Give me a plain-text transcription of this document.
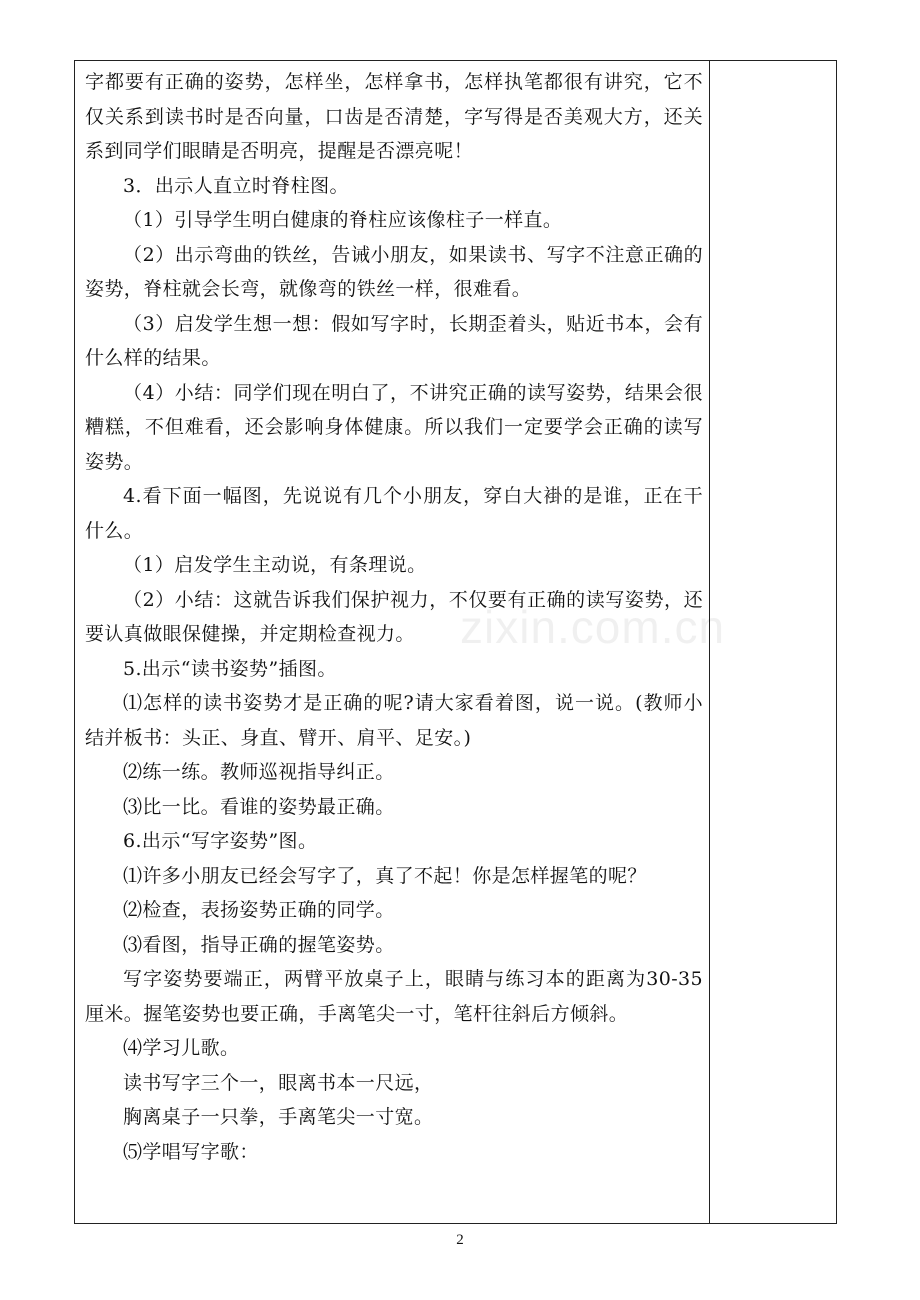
字都要有正确的姿势，怎样坐，怎样拿书，怎样执笔都很有讲究，它不仅关系到读书时是否向量，口齿是否清楚，字写得是否美观大方，还关系到同学们眼睛是否明亮，提醒是否漂亮呢！

3．出示人直立时脊柱图。

（1）引导学生明白健康的脊柱应该像柱子一样直。

（2）出示弯曲的铁丝，告诫小朋友，如果读书、写字不注意正确的姿势，脊柱就会长弯，就像弯的铁丝一样，很难看。

（3）启发学生想一想：假如写字时，长期歪着头，贴近书本，会有什么样的结果。

（4）小结：同学们现在明白了，不讲究正确的读写姿势，结果会很糟糕，不但难看，还会影响身体健康。所以我们一定要学会正确的读写姿势。

4.看下面一幅图，先说说有几个小朋友，穿白大褂的是谁，正在干什么。

（1）启发学生主动说，有条理说。

（2）小结：这就告诉我们保护视力，不仅要有正确的读写姿势，还要认真做眼保健操，并定期检查视力。

5.出示“读书姿势”插图。

⑴怎样的读书姿势才是正确的呢?请大家看着图，说一说。(教师小结并板书：头正、身直、臂开、肩平、足安。)

⑵练一练。教师巡视指导纠正。

⑶比一比。看谁的姿势最正确。

6.出示“写字姿势”图。

⑴许多小朋友已经会写字了，真了不起！你是怎样握笔的呢？

⑵检查，表扬姿势正确的同学。

⑶看图，指导正确的握笔姿势。

写字姿势要端正，两臂平放桌子上，眼睛与练习本的距离为30-35厘米。握笔姿势也要正确，手离笔尖一寸，笔杆往斜后方倾斜。

⑷学习儿歌。

读书写字三个一，眼离书本一尺远，

胸离桌子一只拳，手离笔尖一寸宽。

⑸学唱写字歌：

zixin.com.cn
2
